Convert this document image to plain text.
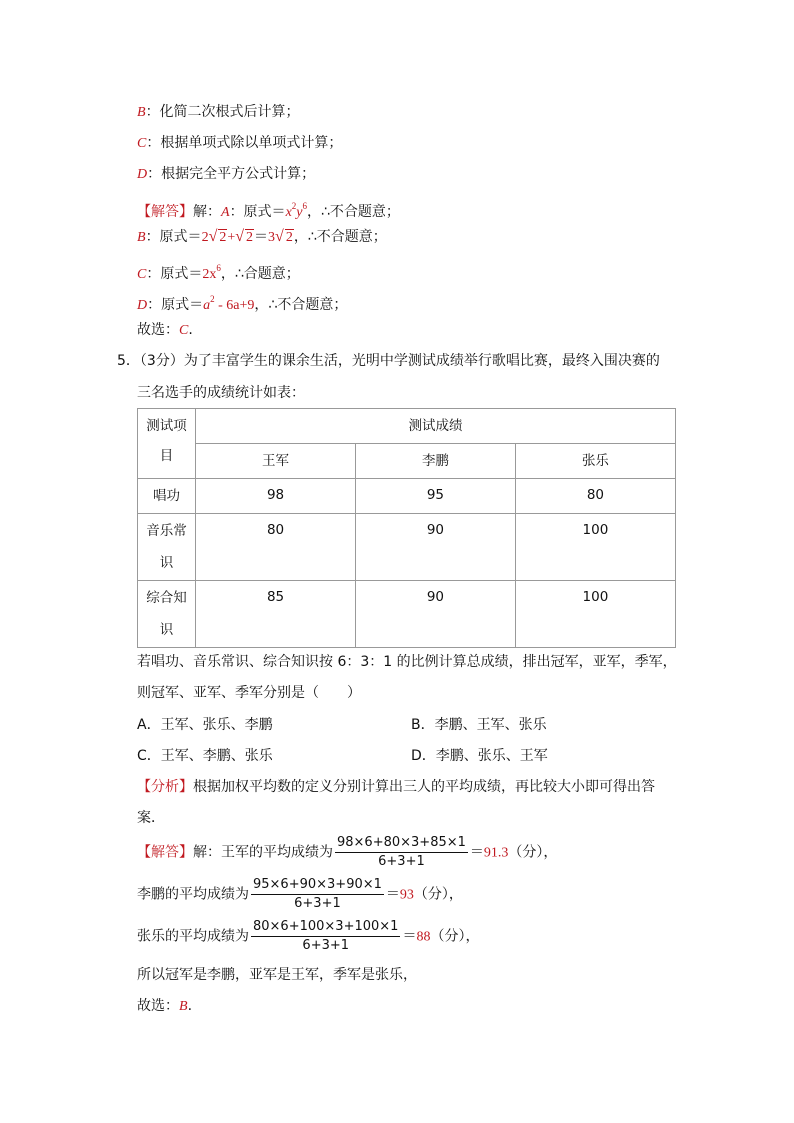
B：化简二次根式后计算；
C：根据单项式除以单项式计算；
D：根据完全平方公式计算；
【解答】解：A：原式$=x^2y^6$，∴不合题意；
B：原式＝2√ 2+√ 2＝3√ 2，∴不合题意；
C：原式$=2x^6$，∴合题意；
D：原式$=a^2 - 6a+9$，∴不合题意；
故选：C.
5．（3分）为了丰富学生的课余生活，光明中学测试成绩举行歌唱比赛，最终入围决赛的
三名选手的成绩统计如表：
测试项
目	测试成绩		
	王军	李鹏	张乐

唱功	98	95	80

音乐常
识	80	90	100

综合知
识	85	90	100
若唱功、音乐常识、综合知识按 6：3：1 的比例计算总成绩，排出冠军，亚军，季军，
则冠军、亚军、季军分别是（　　）
A．王军、张乐、李鹏	B．李鹏、王军、张乐
C．王军、李鹏、张乐	D．李鹏、张乐、王军
【分析】根据加权平均数的定义分别计算出三人的平均成绩，再比较大小即可得出答
案．
【解答】解：王军的平均成绩为 $\frac{98\times 6+80\times 3+85\times 1}{6+3+1} =91.3$（分），
李鹏的平均成绩为 $\frac{95\times 6+90\times 3+90\times 1}{6+3+1} =93$（分），
张乐的平均成绩为 $\frac{80\times 6+100\times 3+100\times 1}{6+3+1} =88$（分），
所以冠军是李鹏，亚军是王军，季军是张乐，
故选：B.
